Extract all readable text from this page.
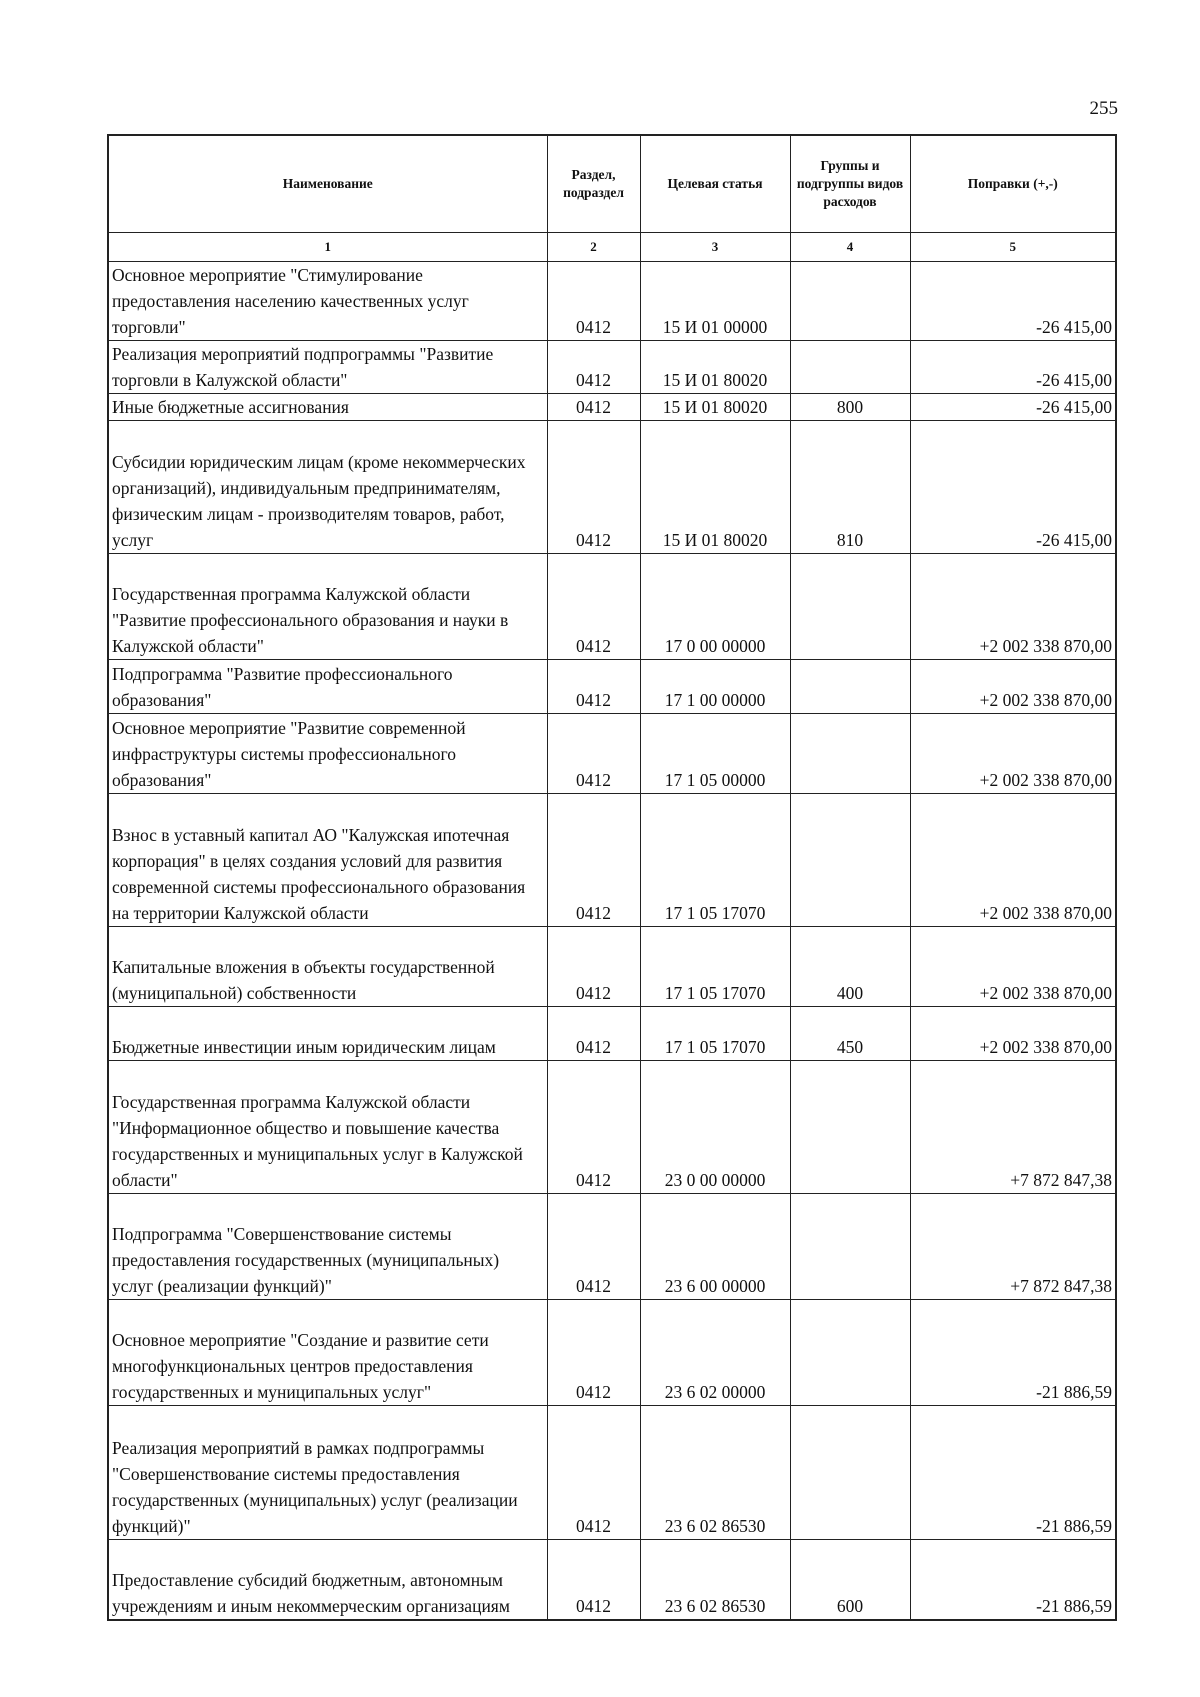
255
Наименование	Раздел, подраздел	Целевая статья	Группы и подгруппы видов расходов	Поправки (+,-)
1	2	3	4	5
Основное мероприятие "Стимулирование предоставления населению качественных услуг торговли"	0412	15 И 01 00000		-26 415,00
Реализация мероприятий подпрограммы "Развитие торговли в Калужской области"	0412	15 И 01 80020		-26 415,00
Иные бюджетные ассигнования	0412	15 И 01 80020	800	-26 415,00
Субсидии юридическим лицам (кроме некоммерческих организаций), индивидуальным предпринимателям, физическим лицам - производителям товаров, работ, услуг	0412	15 И 01 80020	810	-26 415,00
Государственная программа Калужской области "Развитие профессионального образования и науки в Калужской области"	0412	17 0 00 00000		+2 002 338 870,00
Подпрограмма "Развитие профессионального образования"	0412	17 1 00 00000		+2 002 338 870,00
Основное мероприятие "Развитие современной инфраструктуры системы профессионального образования"	0412	17 1 05 00000		+2 002 338 870,00
Взнос в уставный капитал АО "Калужская ипотечная корпорация" в целях создания условий для развития современной системы профессионального образования на территории Калужской области	0412	17 1 05 17070		+2 002 338 870,00
Капитальные вложения в объекты государственной (муниципальной) собственности	0412	17 1 05 17070	400	+2 002 338 870,00
Бюджетные инвестиции иным юридическим лицам	0412	17 1 05 17070	450	+2 002 338 870,00
Государственная программа Калужской области "Информационное общество и повышение качества государственных и муниципальных услуг в Калужской области"	0412	23 0 00 00000		+7 872 847,38
Подпрограмма "Совершенствование системы предоставления государственных (муниципальных) услуг (реализации функций)"	0412	23 6 00 00000		+7 872 847,38
Основное мероприятие "Создание и развитие сети многофункциональных центров предоставления государственных и муниципальных услуг"	0412	23 6 02 00000		-21 886,59
Реализация мероприятий в рамках подпрограммы "Совершенствование системы предоставления государственных (муниципальных) услуг (реализации функций)"	0412	23 6 02 86530		-21 886,59
Предоставление субсидий бюджетным, автономным учреждениям и иным некоммерческим организациям	0412	23 6 02 86530	600	-21 886,59
